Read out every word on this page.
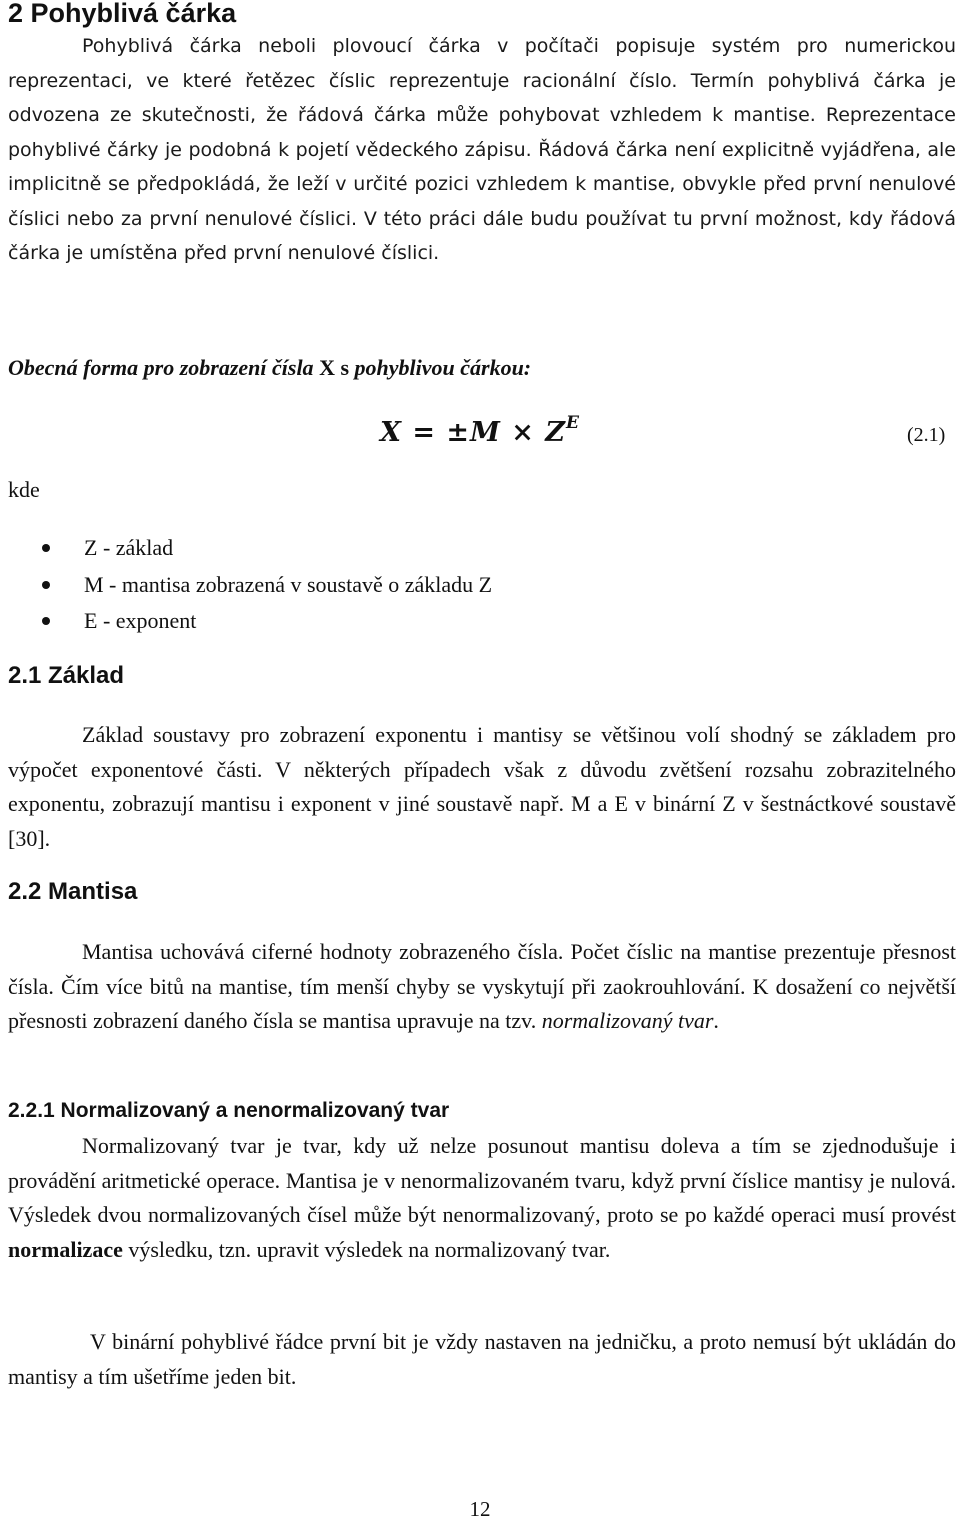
2 Pohyblivá čárka

Pohyblivá čárka neboli plovoucí čárka v počítači popisuje systém pro numerickou reprezentaci, ve které řetězec číslic reprezentuje racionální číslo. Termín pohyblivá čárka je odvozena ze skutečnosti, že řádová čárka může pohybovat vzhledem k mantise. Reprezentace pohyblivé čárky je podobná k pojetí vědeckého zápisu. Řádová čárka není explicitně vyjádřena, ale implicitně se předpokládá, že leží v určité pozici vzhledem k mantise, obvykle před první nenulové číslici nebo za první nenulové číslici. V této práci dále budu používat tu první možnost, kdy řádová čárka je umístěna před první nenulové číslici.

Obecná forma pro zobrazení čísla X s pohyblivou čárkou:

$X = \pm M \times Z^E$
(2.1)

kde

Z - základ
M - mantisa zobrazená v soustavě o základu Z
E - exponent
2.1 Základ

Základ soustavy pro zobrazení exponentu i mantisy se většinou volí shodný se základem pro výpočet exponentové části. V některých případech však z důvodu zvětšení rozsahu zobrazitelného exponentu, zobrazují mantisu i exponent v jiné soustavě např. M a E v binární Z v šestnáctkové soustavě [30].

2.2 Mantisa

Mantisa uchovává ciferné hodnoty zobrazeného čísla. Počet číslic na mantise prezentuje přesnost čísla. Čím více bitů na mantise, tím menší chyby se vyskytují při zaokrouhlování. K dosažení co největší přesnosti zobrazení daného čísla se mantisa upravuje na tzv. normalizovaný tvar.

2.2.1 Normalizovaný a nenormalizovaný tvar

Normalizovaný tvar je tvar, kdy už nelze posunout mantisu doleva a tím se zjednodušuje i provádění aritmetické operace. Mantisa je v nenormalizovaném tvaru, když první číslice mantisy je nulová. Výsledek dvou normalizovaných čísel může být nenormalizovaný, proto se po každé operaci musí provést normalizace výsledku, tzn. upravit výsledek na normalizovaný tvar.

V binární pohyblivé řádce první bit je vždy nastaven na jedničku, a proto nemusí být ukládán do mantisy a tím ušetříme jeden bit.

12
